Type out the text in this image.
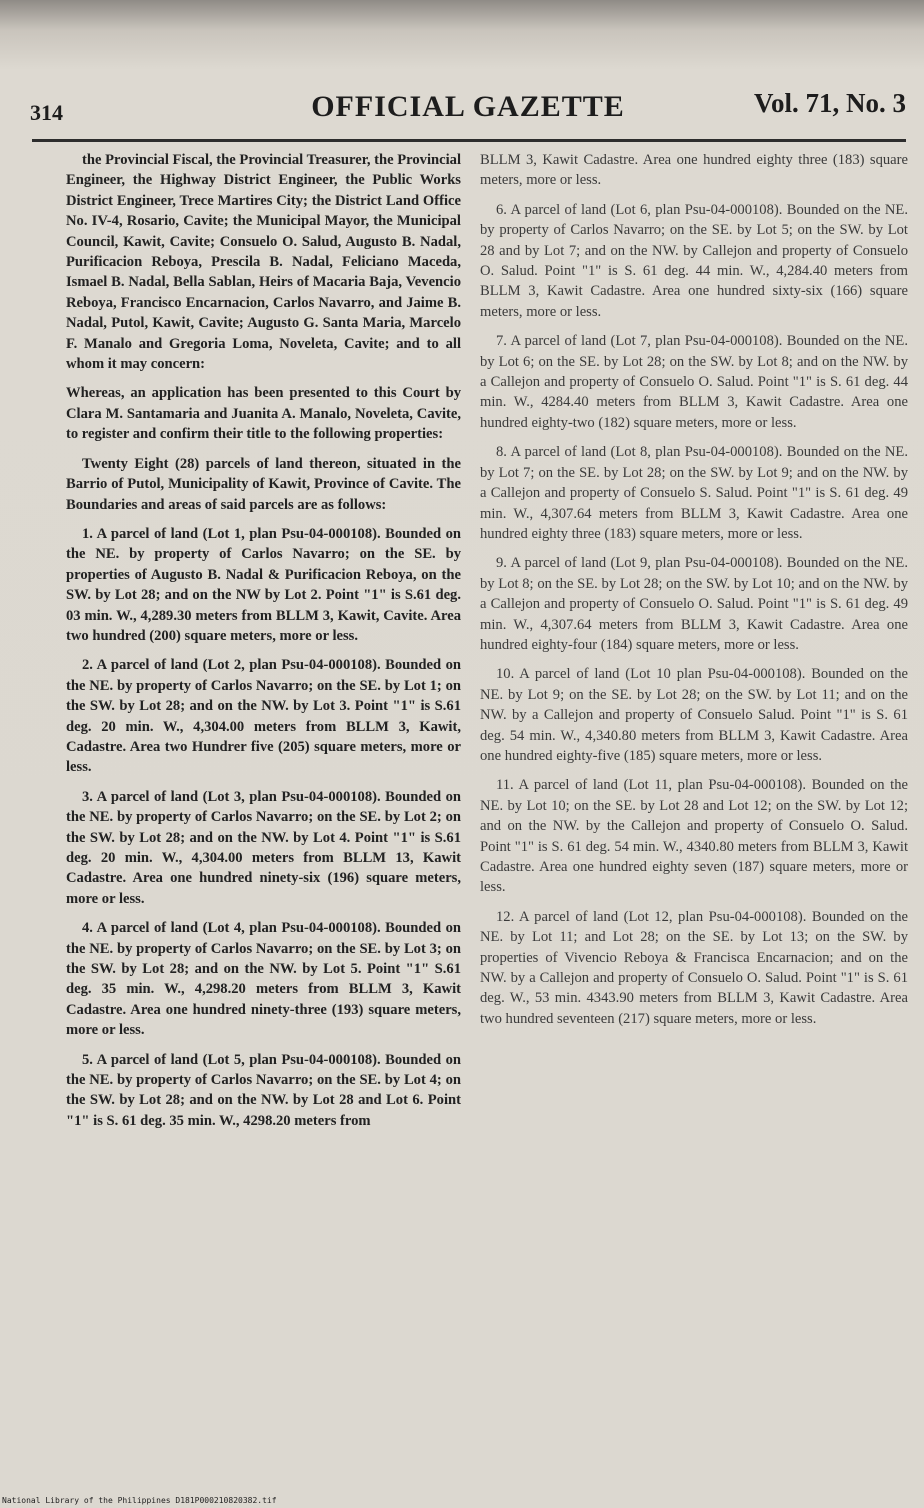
314	OFFICIAL GAZETTE	Vol. 71, No. 3

the Provincial Fiscal, the Provincial Treasurer, the Provincial Engineer, the Highway District Engineer, the Public Works District Engineer, Trece Martires City; the District Land Office No. IV-4, Rosario, Cavite; the Municipal Mayor, the Municipal Council, Kawit, Cavite; Consuelo O. Salud, Augusto B. Nadal, Purificacion Reboya, Prescila B. Nadal, Feliciano Maceda, Ismael B. Nadal, Bella Sablan, Heirs of Macaria Baja, Vevencio Reboya, Francisco Encarnacion, Carlos Navarro, and Jaime B. Nadal, Putol, Kawit, Cavite; Augusto G. Santa Maria, Marcelo F. Manalo and Gregoria Loma, Noveleta, Cavite; and to all whom it may concern:

Whereas, an application has been presented to this Court by Clara M. Santamaria and Juanita A. Manalo, Noveleta, Cavite, to register and confirm their title to the following properties:

Twenty Eight (28) parcels of land thereon, situated in the Barrio of Putol, Municipality of Kawit, Province of Cavite. The Boundaries and areas of said parcels are as follows:

1. A parcel of land (Lot 1, plan Psu-04-000108). Bounded on the NE. by property of Carlos Navarro; on the SE. by properties of Augusto B. Nadal & Purificacion Reboya, on the SW. by Lot 28; and on the NW by Lot 2. Point "1" is S.61 deg. 03 min. W., 4,289.30 meters from BLLM 3, Kawit, Cavite. Area two hundred (200) square meters, more or less.

2. A parcel of land (Lot 2, plan Psu-04-000108). Bounded on the NE. by property of Carlos Navarro; on the SE. by Lot 1; on the SW. by Lot 28; and on the NW. by Lot 3. Point "1" is S.61 deg. 20 min. W., 4,304.00 meters from BLLM 3, Kawit, Cadastre. Area two Hundrer five (205) square meters, more or less.

3. A parcel of land (Lot 3, plan Psu-04-000108). Bounded on the NE. by property of Carlos Navarro; on the SE. by Lot 2; on the SW. by Lot 28; and on the NW. by Lot 4. Point "1" is S.61 deg. 20 min. W., 4,304.00 meters from BLLM 13, Kawit Cadastre. Area one hundred ninety-six (196) square meters, more or less.

4. A parcel of land (Lot 4, plan Psu-04-000108). Bounded on the NE. by property of Carlos Navarro; on the SE. by Lot 3; on the SW. by Lot 28; and on the NW. by Lot 5. Point "1" S.61 deg. 35 min. W., 4,298.20 meters from BLLM 3, Kawit Cadastre. Area one hundred ninety-three (193) square meters, more or less.

5. A parcel of land (Lot 5, plan Psu-04-000108). Bounded on the NE. by property of Carlos Navarro; on the SE. by Lot 4; on the SW. by Lot 28; and on the NW. by Lot 28 and Lot 6. Point "1" is S. 61 deg. 35 min. W., 4298.20 meters from

BLLM 3, Kawit Cadastre. Area one hundred eighty three (183) square meters, more or less.

6. A parcel of land (Lot 6, plan Psu-04-000108). Bounded on the NE. by property of Carlos Navarro; on the SE. by Lot 5; on the SW. by Lot 28 and by Lot 7; and on the NW. by Callejon and property of Consuelo O. Salud. Point "1" is S. 61 deg. 44 min. W., 4,284.40 meters from BLLM 3, Kawit Cadastre. Area one hundred sixty-six (166) square meters, more or less.

7. A parcel of land (Lot 7, plan Psu-04-000108). Bounded on the NE. by Lot 6; on the SE. by Lot 28; on the SW. by Lot 8; and on the NW. by a Callejon and property of Consuelo O. Salud. Point "1" is S. 61 deg. 44 min. W., 4284.40 meters from BLLM 3, Kawit Cadastre. Area one hundred eighty-two (182) square meters, more or less.

8. A parcel of land (Lot 8, plan Psu-04-000108). Bounded on the NE. by Lot 7; on the SE. by Lot 28; on the SW. by Lot 9; and on the NW. by a Callejon and property of Consuelo S. Salud. Point "1" is S. 61 deg. 49 min. W., 4,307.64 meters from BLLM 3, Kawit Cadastre. Area one hundred eighty three (183) square meters, more or less.

9. A parcel of land (Lot 9, plan Psu-04-000108). Bounded on the NE. by Lot 8; on the SE. by Lot 28; on the SW. by Lot 10; and on the NW. by a Callejon and property of Consuelo O. Salud. Point "1" is S. 61 deg. 49 min. W., 4,307.64 meters from BLLM 3, Kawit Cadastre. Area one hundred eighty-four (184) square meters, more or less.

10. A parcel of land (Lot 10 plan Psu-04-000108). Bounded on the NE. by Lot 9; on the SE. by Lot 28; on the SW. by Lot 11; and on the NW. by a Callejon and property of Consuelo Salud. Point "1" is S. 61 deg. 54 min. W., 4,340.80 meters from BLLM 3, Kawit Cadastre. Area one hundred eighty-five (185) square meters, more or less.

11. A parcel of land (Lot 11, plan Psu-04-000108). Bounded on the NE. by Lot 10; on the SE. by Lot 28 and Lot 12; on the SW. by Lot 12; and on the NW. by the Callejon and property of Consuelo O. Salud. Point "1" is S. 61 deg. 54 min. W., 4340.80 meters from BLLM 3, Kawit Cadastre. Area one hundred eighty seven (187) square meters, more or less.

12. A parcel of land (Lot 12, plan Psu-04-000108). Bounded on the NE. by Lot 11; and Lot 28; on the SE. by Lot 13; on the SW. by properties of Vivencio Reboya & Francisca Encarnacion; and on the NW. by a Callejon and property of Consuelo O. Salud. Point "1" is S. 61 deg. W., 53 min. 4343.90 meters from BLLM 3, Kawit Cadastre. Area two hundred seventeen (217) square meters, more or less.

National Library of the Philippines D181P000210820382.tif
